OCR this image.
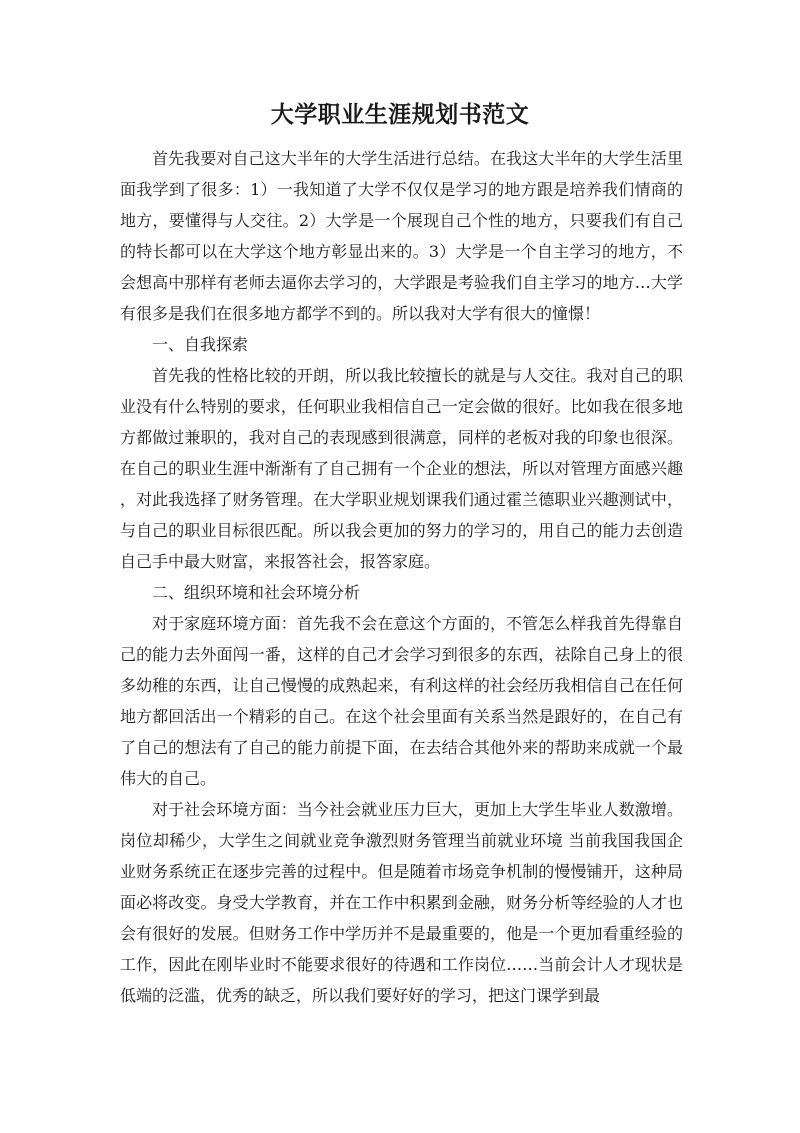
大学职业生涯规划书范文

首先我要对自己这大半年的大学生活进行总结。在我这大半年的大学生活里面我学到了很多：1）一我知道了大学不仅仅是学习的地方跟是培养我们情商的地方，要懂得与人交往。2）大学是一个展现自己个性的地方，只要我们有自己的特长都可以在大学这个地方彰显出来的。3）大学是一个自主学习的地方，不会想高中那样有老师去逼你去学习的，大学跟是考验我们自主学习的地方…大学有很多是我们在很多地方都学不到的。所以我对大学有很大的憧憬！

一、自我探索

首先我的性格比较的开朗，所以我比较擅长的就是与人交往。我对自己的职业没有什么特别的要求，任何职业我相信自己一定会做的很好。比如我在很多地方都做过兼职的，我对自己的表现感到很满意，同样的老板对我的印象也很深。在自己的职业生涯中渐渐有了自己拥有一个企业的想法，所以对管理方面感兴趣，对此我选择了财务管理。在大学职业规划课我们通过霍兰德职业兴趣测试中，与自己的职业目标很匹配。所以我会更加的努力的学习的，用自己的能力去创造自己手中最大财富，来报答社会，报答家庭。

二、组织环境和社会环境分析

对于家庭环境方面：首先我不会在意这个方面的，不管怎么样我首先得靠自己的能力去外面闯一番，这样的自己才会学习到很多的东西，祛除自己身上的很多幼稚的东西，让自己慢慢的成熟起来，有利这样的社会经历我相信自己在任何地方都回活出一个精彩的自己。在这个社会里面有关系当然是跟好的，在自己有了自己的想法有了自己的能力前提下面，在去结合其他外来的帮助来成就一个最伟大的自己。

对于社会环境方面：当今社会就业压力巨大，更加上大学生毕业人数激增。岗位却稀少，大学生之间就业竞争激烈财务管理当前就业环境 当前我国我国企业财务系统正在逐步完善的过程中。但是随着市场竞争机制的慢慢铺开，这种局面必将改变。身受大学教育，并在工作中积累到金融，财务分析等经验的人才也会有很好的发展。但财务工作中学历并不是最重要的，他是一个更加看重经验的工作，因此在刚毕业时不能要求很好的待遇和工作岗位……当前会计人才现状是低端的泛滥，优秀的缺乏，所以我们要好好的学习，把这门课学到最
